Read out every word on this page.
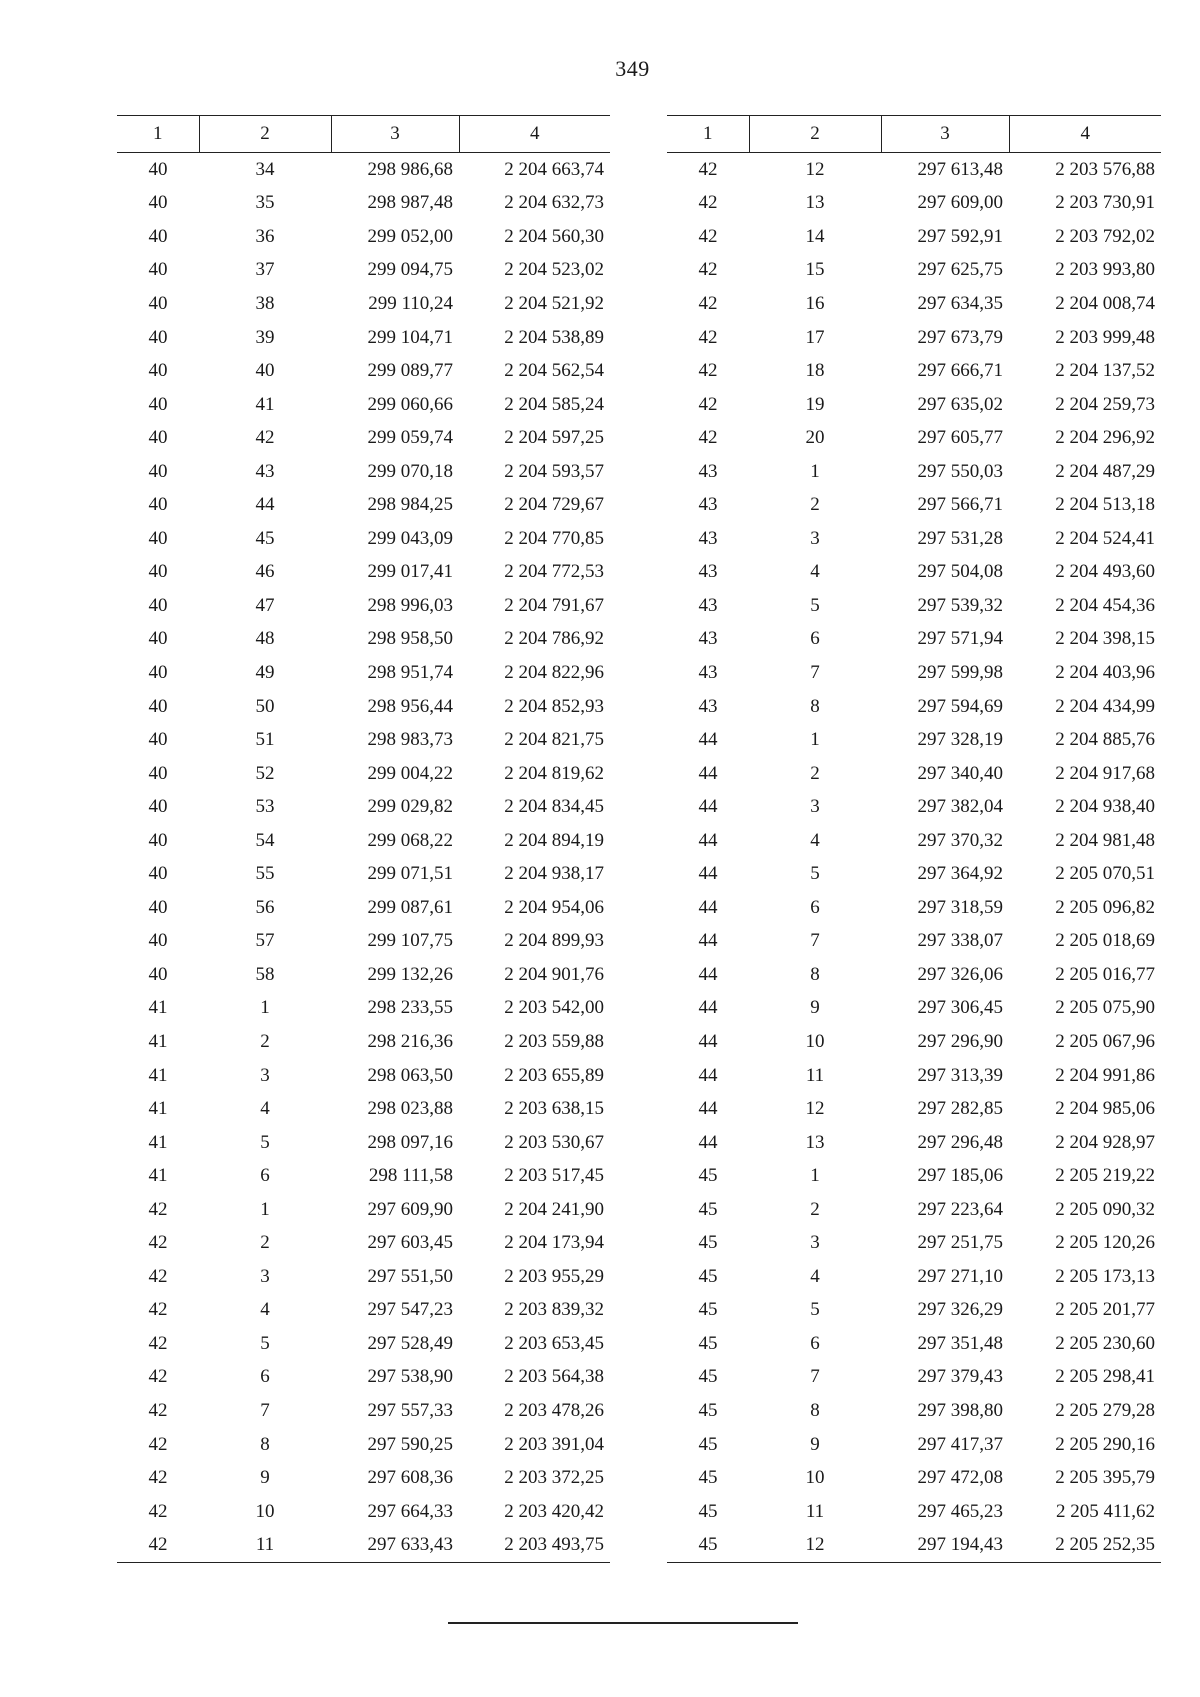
349
1	2	3	4
40	34	298 986,68	2 204 663,74
40	35	298 987,48	2 204 632,73
40	36	299 052,00	2 204 560,30
40	37	299 094,75	2 204 523,02
40	38	299 110,24	2 204 521,92
40	39	299 104,71	2 204 538,89
40	40	299 089,77	2 204 562,54
40	41	299 060,66	2 204 585,24
40	42	299 059,74	2 204 597,25
40	43	299 070,18	2 204 593,57
40	44	298 984,25	2 204 729,67
40	45	299 043,09	2 204 770,85
40	46	299 017,41	2 204 772,53
40	47	298 996,03	2 204 791,67
40	48	298 958,50	2 204 786,92
40	49	298 951,74	2 204 822,96
40	50	298 956,44	2 204 852,93
40	51	298 983,73	2 204 821,75
40	52	299 004,22	2 204 819,62
40	53	299 029,82	2 204 834,45
40	54	299 068,22	2 204 894,19
40	55	299 071,51	2 204 938,17
40	56	299 087,61	2 204 954,06
40	57	299 107,75	2 204 899,93
40	58	299 132,26	2 204 901,76
41	1	298 233,55	2 203 542,00
41	2	298 216,36	2 203 559,88
41	3	298 063,50	2 203 655,89
41	4	298 023,88	2 203 638,15
41	5	298 097,16	2 203 530,67
41	6	298 111,58	2 203 517,45
42	1	297 609,90	2 204 241,90
42	2	297 603,45	2 204 173,94
42	3	297 551,50	2 203 955,29
42	4	297 547,23	2 203 839,32
42	5	297 528,49	2 203 653,45
42	6	297 538,90	2 203 564,38
42	7	297 557,33	2 203 478,26
42	8	297 590,25	2 203 391,04
42	9	297 608,36	2 203 372,25
42	10	297 664,33	2 203 420,42
42	11	297 633,43	2 203 493,75
1	2	3	4
42	12	297 613,48	2 203 576,88
42	13	297 609,00	2 203 730,91
42	14	297 592,91	2 203 792,02
42	15	297 625,75	2 203 993,80
42	16	297 634,35	2 204 008,74
42	17	297 673,79	2 203 999,48
42	18	297 666,71	2 204 137,52
42	19	297 635,02	2 204 259,73
42	20	297 605,77	2 204 296,92
43	1	297 550,03	2 204 487,29
43	2	297 566,71	2 204 513,18
43	3	297 531,28	2 204 524,41
43	4	297 504,08	2 204 493,60
43	5	297 539,32	2 204 454,36
43	6	297 571,94	2 204 398,15
43	7	297 599,98	2 204 403,96
43	8	297 594,69	2 204 434,99
44	1	297 328,19	2 204 885,76
44	2	297 340,40	2 204 917,68
44	3	297 382,04	2 204 938,40
44	4	297 370,32	2 204 981,48
44	5	297 364,92	2 205 070,51
44	6	297 318,59	2 205 096,82
44	7	297 338,07	2 205 018,69
44	8	297 326,06	2 205 016,77
44	9	297 306,45	2 205 075,90
44	10	297 296,90	2 205 067,96
44	11	297 313,39	2 204 991,86
44	12	297 282,85	2 204 985,06
44	13	297 296,48	2 204 928,97
45	1	297 185,06	2 205 219,22
45	2	297 223,64	2 205 090,32
45	3	297 251,75	2 205 120,26
45	4	297 271,10	2 205 173,13
45	5	297 326,29	2 205 201,77
45	6	297 351,48	2 205 230,60
45	7	297 379,43	2 205 298,41
45	8	297 398,80	2 205 279,28
45	9	297 417,37	2 205 290,16
45	10	297 472,08	2 205 395,79
45	11	297 465,23	2 205 411,62
45	12	297 194,43	2 205 252,35
